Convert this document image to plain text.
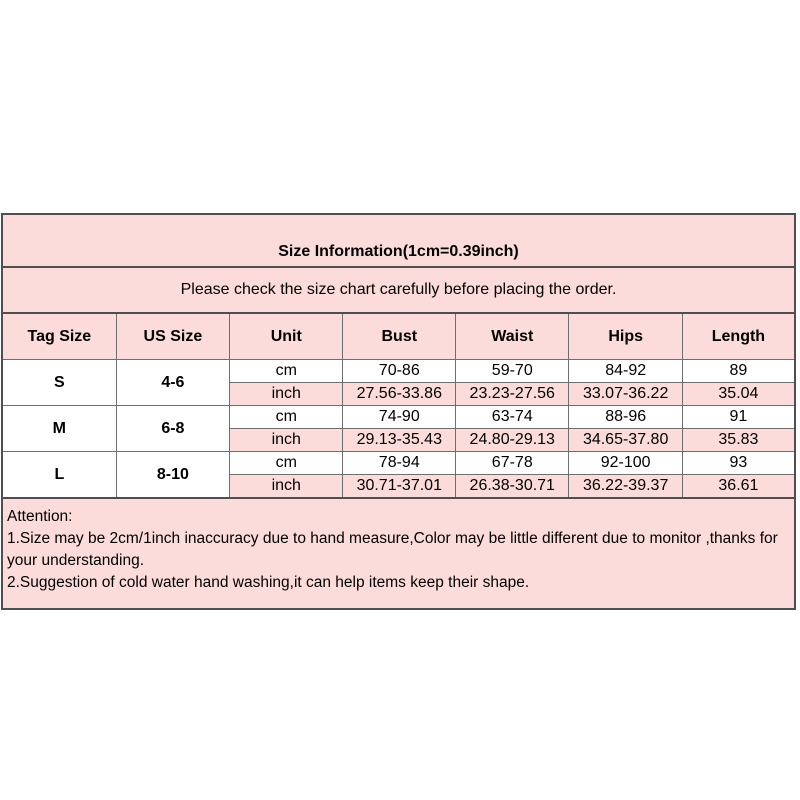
Size Information(1cm=0.39inch)						
Please check the size chart carefully before placing the order.						
Tag Size	US Size	Unit	Bust	Waist	Hips	Length
S	4-6	cm	70-86	59-70	84-92	89
		inch	27.56-33.86	23.23-27.56	33.07-36.22	35.04
M	6-8	cm	74-90	63-74	88-96	91
		inch	29.13-35.43	24.80-29.13	34.65-37.80	35.83
L	8-10	cm	78-94	67-78	92-100	93
		inch	30.71-37.01	26.38-30.71	36.22-39.37	36.61

Attention:
1.Size may be 2cm/1inch inaccuracy due to hand measure,Color may be little different due to monitor ,thanks for your understanding.
2.Suggestion of cold water hand washing,it can help items keep their shape.						
